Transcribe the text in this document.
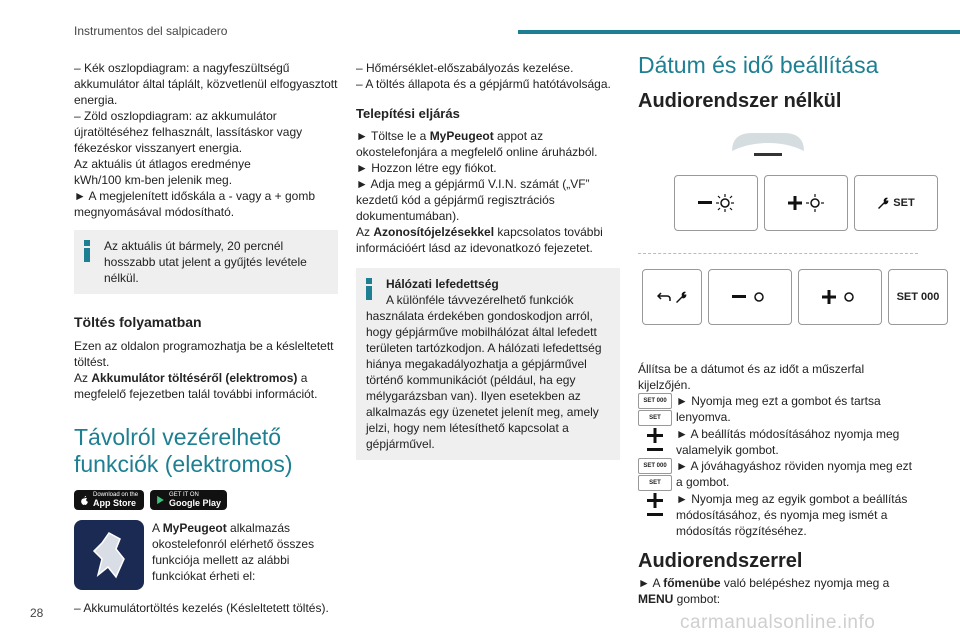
Instrumentos del salpicadero

– Kék oszlopdiagram: a nagyfeszültségű akkumulátor által táplált, közvetlenül elfogyasztott energia.

– Zöld oszlopdiagram: az akkumulátor újratöltéséhez felhasznált, lassításkor vagy fékezéskor visszanyert energia.

Az aktuális út átlagos eredménye

kWh/100 km-ben jelenik meg.

► A megjelenített időskála a - vagy a + gomb megnyomásával módosítható.

Az aktuális út bármely, 20 percnél hosszabb utat jelent a gyűjtés levétele nélkül.
Töltés folyamatban

Ezen az oldalon programozhatja be a késleltetett töltést.

Az Akkumulátor töltéséről (elektromos) a megfelelő fejezetben talál további információt.

Távolról vezérelhető funkciók (elektromos)
Download on the
App Store
GET IT ON
Google Play

A MyPeugeot alkalmazás okostelefonról elérhető összes funkciója mellett az alábbi funkciókat érheti el:

– Akkumulátortöltés kezelés (Késleltetett töltés).

– Hőmérséklet-előszabályozás kezelése.

– A töltés állapota és a gépjármű hatótávolsága.

Telepítési eljárás

► Töltse le a MyPeugeot appot az okostelefonjára a megfelelő online áruházból.

► Hozzon létre egy fiókot.

► Adja meg a gépjármű V.I.N. számát („VF” kezdetű kód a gépjármű regisztrációs dokumentumában).

Az Azonosítójelzésekkel kapcsolatos további információért lásd az idevonatkozó fejezetet.

Hálózati lefedettség
A különféle távvezérelhető funkciók
használata érdekében gondoskodjon arról, hogy gépjárműve mobilhálózat által lefedett területen tartózkodjon. A hálózati lefedettség hiánya megakadályozhatja a gépjárművel történő kommunikációt (például, ha egy mélygarázsban van). Ilyen esetekben az alkalmazás egy üzenetet jelenít meg, amely jelzi, hogy nem létesíthető kapcsolat a gépjárművel.
Dátum és idő beállítása
Audiorendszer nélkül
SET
SET 000

Állítsa be a dátumot és az időt a műszerfal kijelzőjén.

SET 000
SET

► Nyomja meg ezt a gombot és tartsa lenyomva.

► A beállítás módosításához nyomja meg valamelyik gombot.

SET 000
SET

► A jóváhagyáshoz röviden nyomja meg ezt a gombot.

► Nyomja meg az egyik gombot a beállítás módosításához, és nyomja meg ismét a módosítás rögzítéséhez.

Audiorendszerrel

► A főmenübe való belépéshez nyomja meg a MENU gombot:

28	carmanualsonline.info
